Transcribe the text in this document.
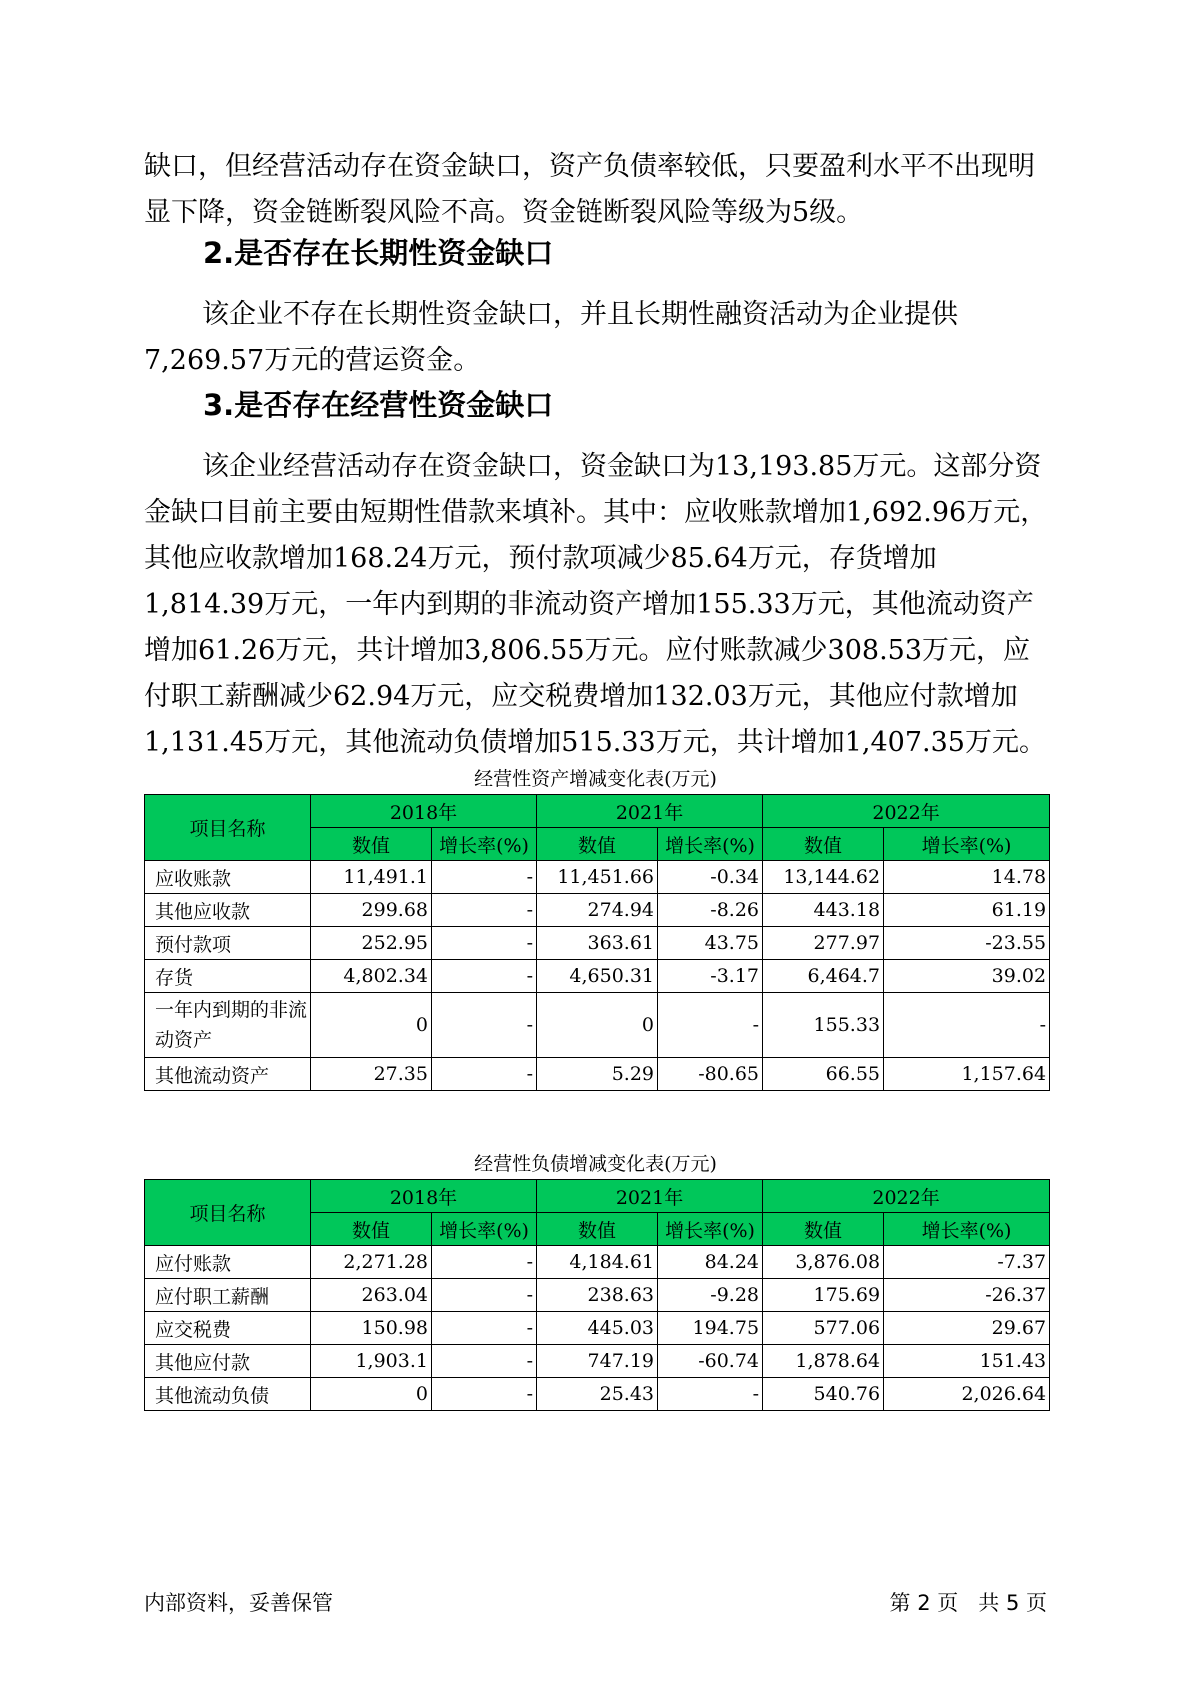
缺口，但经营活动存在资金缺口，资产负债率较低，只要盈利水平不出现明显下降，资金链断裂风险不高。资金链断裂风险等级为5级。

2.是否存在长期性资金缺口

该企业不存在长期性资金缺口，并且长期性融资活动为企业提供7,269.57万元的营运资金。

3.是否存在经营性资金缺口

该企业经营活动存在资金缺口，资金缺口为13,193.85万元。这部分资金缺口目前主要由短期性借款来填补。其中：应收账款增加1,692.96万元，其他应收款增加168.24万元，预付款项减少85.64万元，存货增加1,814.39万元，一年内到期的非流动资产增加155.33万元，其他流动资产增加61.26万元，共计增加3,806.55万元。应付账款减少308.53万元，应付职工薪酬减少62.94万元，应交税费增加132.03万元，其他应付款增加1,131.45万元，其他流动负债增加515.33万元，共计增加1,407.35万元。

经营性资产增减变化表(万元)
项目名称	2018年		2021年		2022年	
	数值	增长率(%)	数值	增长率(%)	数值	增长率(%)
应收账款	11,491.1	-	11,451.66	-0.34	13,144.62	14.78
其他应收款	299.68	-	274.94	-8.26	443.18	61.19
预付款项	252.95	-	363.61	43.75	277.97	-23.55
存货	4,802.34	-	4,650.31	-3.17	6,464.7	39.02
一年内到期的非流动资产	0	-	0	-	155.33	-
其他流动资产	27.35	-	5.29	-80.65	66.55	1,157.64
经营性负债增减变化表(万元)
项目名称	2018年		2021年		2022年	
	数值	增长率(%)	数值	增长率(%)	数值	增长率(%)
应付账款	2,271.28	-	4,184.61	84.24	3,876.08	-7.37
应付职工薪酬	263.04	-	238.63	-9.28	175.69	-26.37
应交税费	150.98	-	445.03	194.75	577.06	29.67
其他应付款	1,903.1	-	747.19	-60.74	1,878.64	151.43
其他流动负债	0	-	25.43	-	540.76	2,026.64
内部资料，妥善保管	第 2 页   共 5 页
